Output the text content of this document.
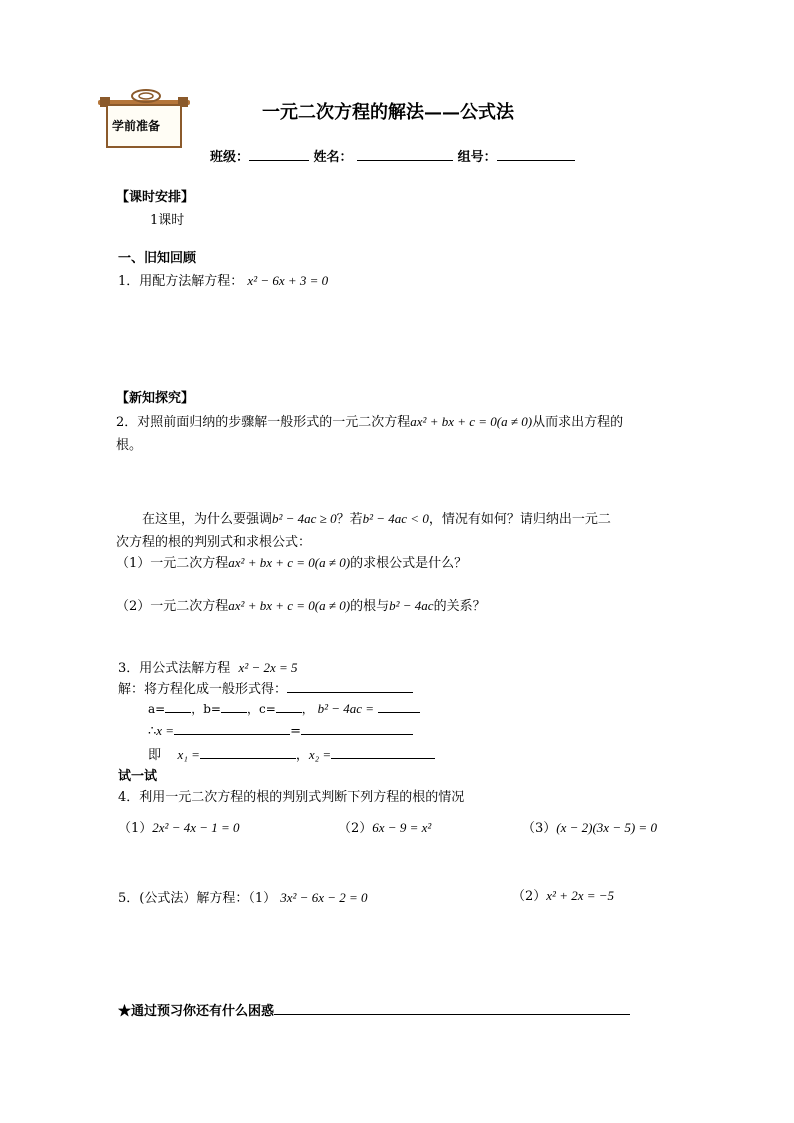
学前准备
一元二次方程的解法——公式法
班级：	姓名：	组号：
【课时安排】
1课时
一、旧知回顾
1．用配方法解方程： x² − 6x + 3 = 0
【新知探究】
2．对照前面归纳的步骤解一般形式的一元二次方程ax² + bx + c = 0(a ≠ 0)从而求出方程的
根。
在这里，为什么要强调b² − 4ac ≥ 0？若b² − 4ac < 0，情况有如何？请归纳出一元二
次方程的根的判别式和求根公式：
（1）一元二次方程ax² + bx + c = 0(a ≠ 0)的求根公式是什么？
（2）一元二次方程ax² + bx + c = 0(a ≠ 0)的根与b² − 4ac的关系？
3．用公式法解方程 x² − 2x = 5
解：将方程化成一般形式得：
a= ，b= ，c= ， b² − 4ac =
∴x =	=
即 x₁ =	，x₂ =
试一试
4．利用一元二次方程的根的判别式判断下列方程的根的情况
（1）2x² − 4x − 1 = 0	（2）6x − 9 = x²	（3）(x − 2)(3x − 5) = 0
5．(公式法）解方程：（1） 3x² − 6x − 2 = 0	（2）x² + 2x = −5
★通过预习你还有什么困惑
